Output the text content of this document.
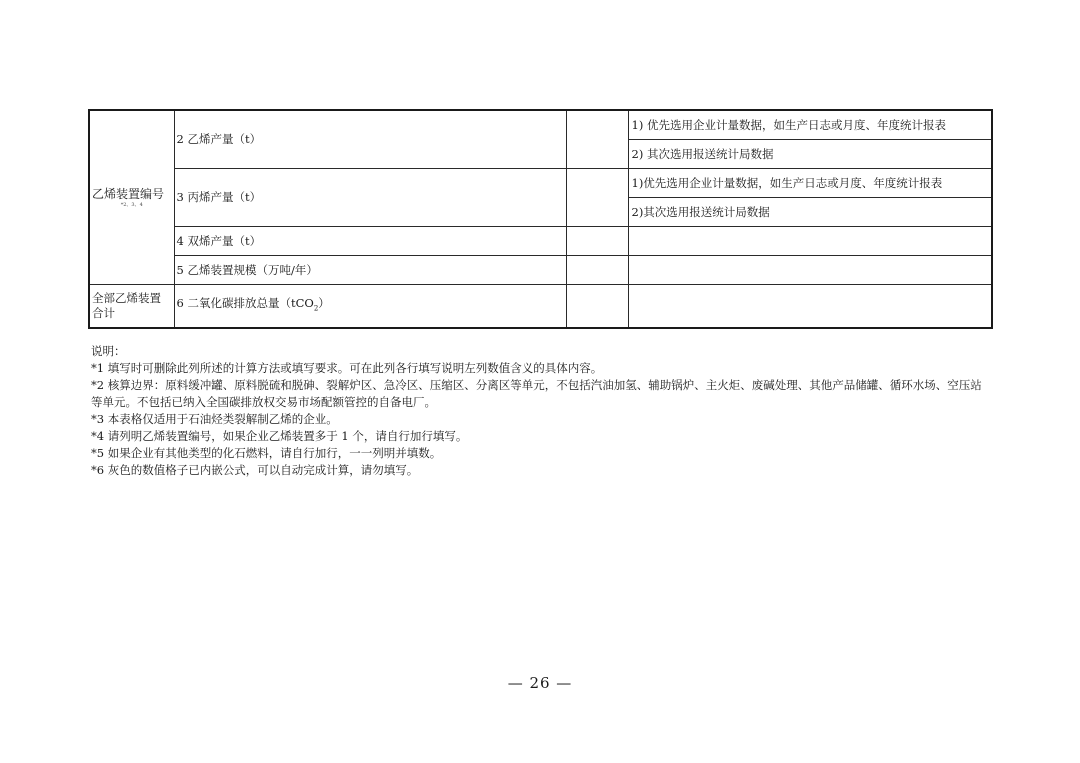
乙烯装置编号
*2、3、4	2 乙烯产量（t）		1) 优先选用企业计量数据，如生产日志或月度、年度统计报表
			2) 其次选用报送统计局数据
	3 丙烯产量（t）		1)优先选用企业计量数据，如生产日志或月度、年度统计报表
			2)其次选用报送统计局数据
	4 双烯产量（t）		
	5 乙烯装置规模（万吨/年）		
全部乙烯装置合计	6 二氧化碳排放总量（tCO$_2$）		

说明：

*1 填写时可删除此列所述的计算方法或填写要求。可在此列各行填写说明左列数值含义的具体内容。

*2 核算边界：原料缓冲罐、原料脱硫和脱砷、裂解炉区、急冷区、压缩区、分离区等单元，不包括汽油加氢、辅助锅炉、主火炬、废碱处理、其他产品储罐、循环水场、空压站等单元。不包括已纳入全国碳排放权交易市场配额管控的自备电厂。

*3 本表格仅适用于石油烃类裂解制乙烯的企业。

*4 请列明乙烯装置编号，如果企业乙烯装置多于 1 个，请自行加行填写。

*5 如果企业有其他类型的化石燃料，请自行加行，一一列明并填数。

*6 灰色的数值格子已内嵌公式，可以自动完成计算，请勿填写。

— 26 —
